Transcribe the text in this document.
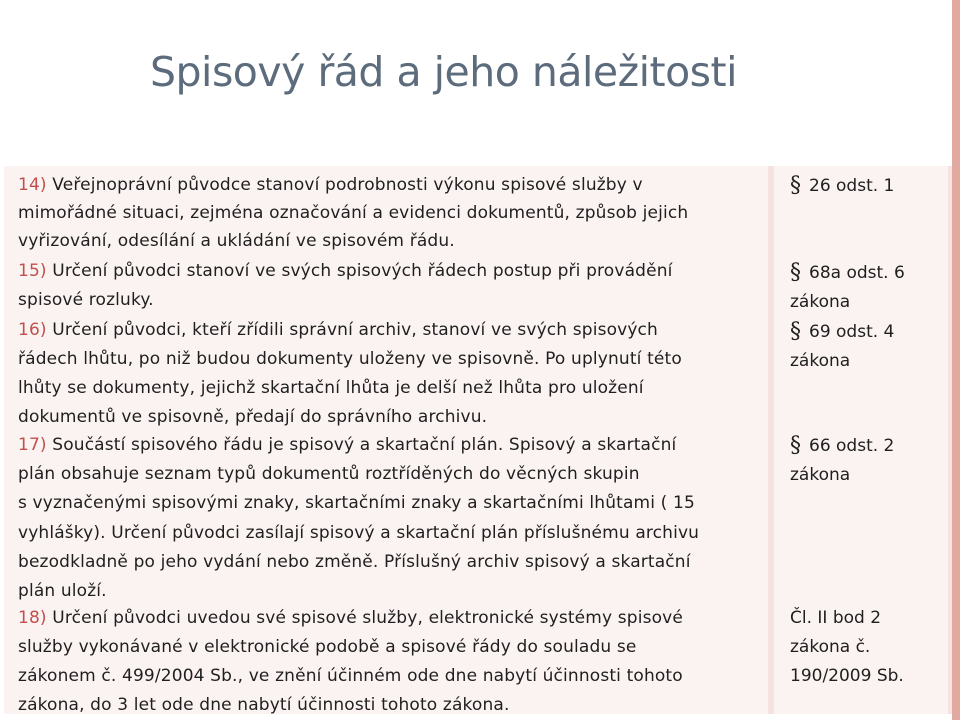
Spisový řád a jeho náležitosti
14) Veřejnoprávní původce stanoví podrobnosti výkonu spisové služby v
mimořádné situaci, zejména označování a evidenci dokumentů, způsob jejich
vyřizování, odesílání a ukládání ve spisovém řádu.
15) Určení původci stanoví ve svých spisových řádech postup při provádění
spisové rozluky.
16) Určení původci, kteří zřídili správní archiv, stanoví ve svých spisových
řádech lhůtu, po niž budou dokumenty uloženy ve spisovně. Po uplynutí této
lhůty se dokumenty, jejichž skartační lhůta je delší než lhůta pro uložení
dokumentů ve spisovně, předají do správního archivu.
17) Součástí spisového řádu je spisový a skartační plán. Spisový a skartační
plán obsahuje seznam typů dokumentů roztříděných do věcných skupin
s vyznačenými spisovými znaky, skartačními znaky a skartačními lhůtami ( 15
vyhlášky). Určení původci zasílají spisový a skartační plán příslušnému archivu
bezodkladně po jeho vydání nebo změně. Příslušný archiv spisový a skartační
plán uloží.
18) Určení původci uvedou své spisové služby, elektronické systémy spisové
služby vykonávané v elektronické podobě a spisové řády do souladu se
zákonem č. 499/2004 Sb., ve znění účinném ode dne nabytí účinnosti tohoto
zákona, do 3 let ode dne nabytí účinnosti tohoto zákona.
§ 26 odst. 1
§ 68a odst. 6
zákona
§ 69 odst. 4
zákona
§ 66 odst. 2
zákona
Čl. II bod 2
zákona č.
190/2009 Sb.
